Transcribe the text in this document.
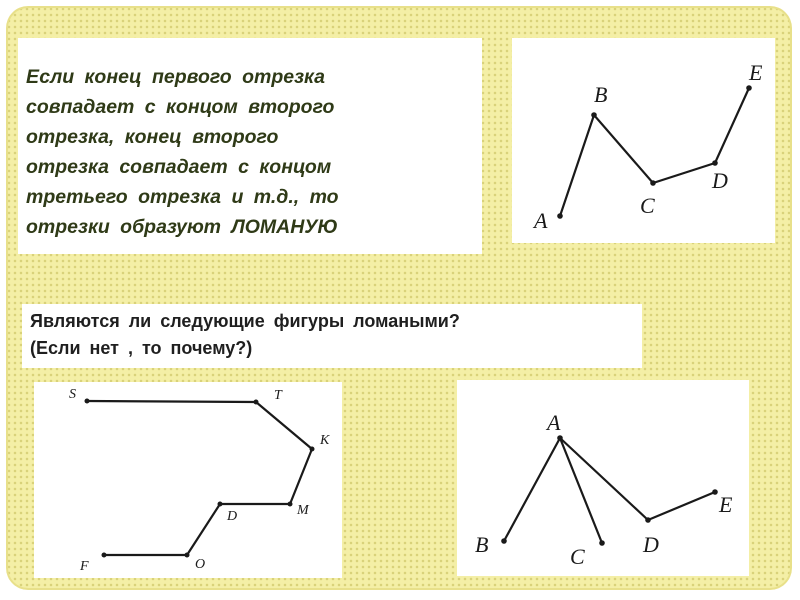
Если конец первого отрезка
совпадает с концом второго
отрезка, конец второго
отрезка совпадает с концом
третьего отрезка и т.д., то
отрезки образуют ЛОМАНУЮ	A
B
C
D
E
Являются ли следующие фигуры ломаными?
(Если нет , то почему?)
S	T
K
M
D
O
F
A
B	C	D
E
